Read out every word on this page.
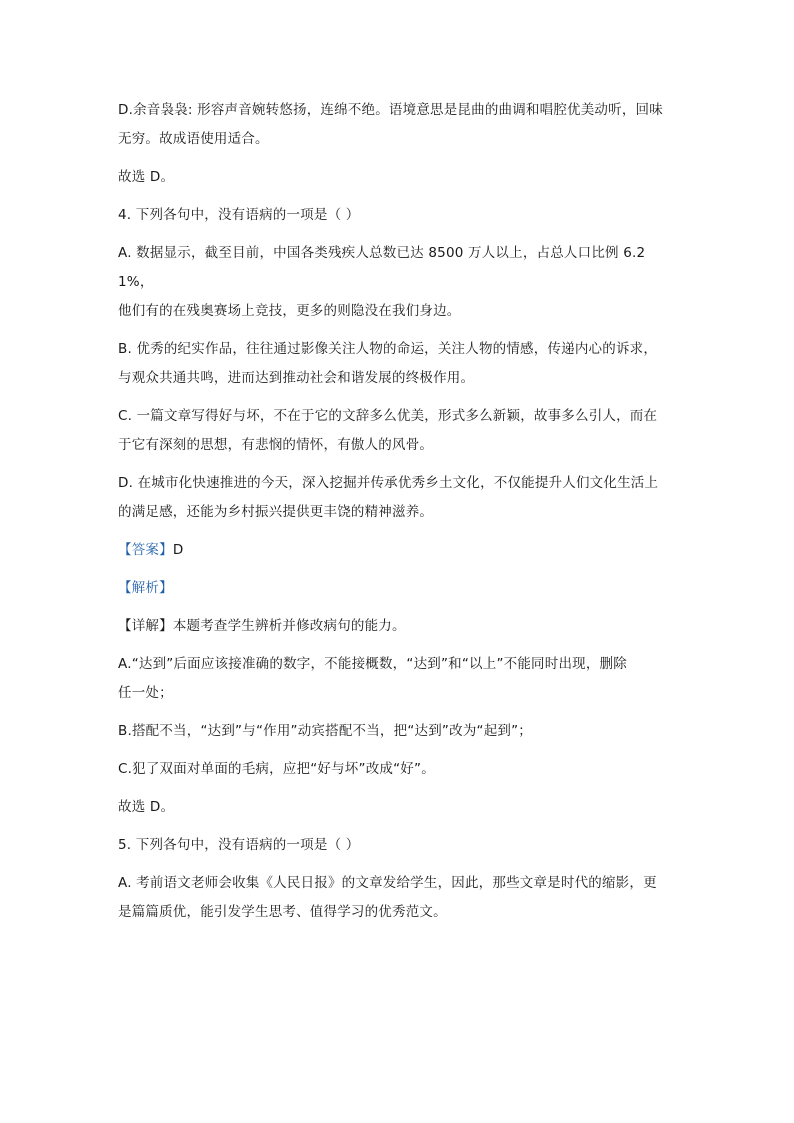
D.余音袅袅: 形容声音婉转悠扬，连绵不绝。语境意思是昆曲的曲调和唱腔优美动听，回味
无穷。故成语使用适合。

故选 D。

4. 下列各句中，没有语病的一项是（ ）

A. 数据显示，截至目前，中国各类残疾人总数已达 8500 万人以上，占总人口比例 6.21%，
他们有的在残奥赛场上竞技，更多的则隐没在我们身边。

B. 优秀的纪实作品，往往通过影像关注人物的命运，关注人物的情感，传递内心的诉求，
与观众共通共鸣，进而达到推动社会和谐发展的终极作用。

C. 一篇文章写得好与坏，不在于它的文辞多么优美，形式多么新颖，故事多么引人，而在
于它有深刻的思想，有悲悯的情怀，有傲人的风骨。

D. 在城市化快速推进的今天，深入挖掘并传承优秀乡土文化，不仅能提升人们文化生活上
的满足感，还能为乡村振兴提供更丰饶的精神滋养。

【答案】D

【解析】

【详解】本题考查学生辨析并修改病句的能力。

A.“达到”后面应该接准确的数字，不能接概数，“达到”和“以上”不能同时出现，删除
任一处；

B.搭配不当，“达到”与“作用”动宾搭配不当，把“达到”改为“起到”；

C.犯了双面对单面的毛病，应把“好与坏”改成“好”。

故选 D。

5. 下列各句中，没有语病的一项是（ ）

A. 考前语文老师会收集《人民日报》的文章发给学生，因此，那些文章是时代的缩影，更
是篇篇质优，能引发学生思考、值得学习的优秀范文。
